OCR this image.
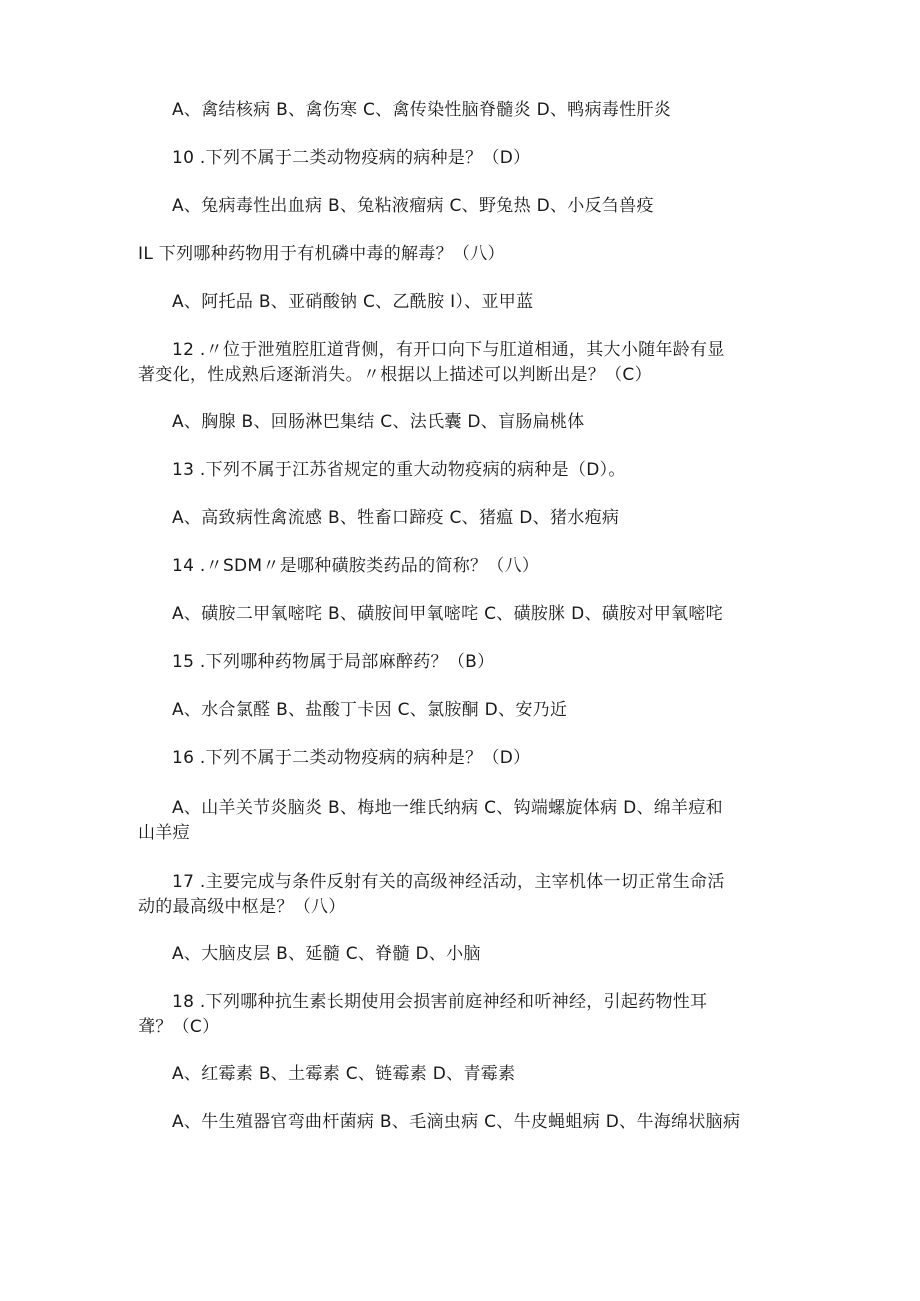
A、禽结核病 B、禽伤寒 C、禽传染性脑脊髓炎 D、鸭病毒性肝炎
10 .下列不属于二类动物疫病的病种是？（D）
A、兔病毒性出血病 B、兔粘液瘤病 C、野兔热 D、小反刍兽疫
IL 下列哪种药物用于有机磷中毒的解毒？（八）
A、阿托品 B、亚硝酸钠 C、乙酰胺 I）、亚甲蓝
12 .〃位于泄殖腔肛道背侧，有开口向下与肛道相通，其大小随年龄有显著变化，性成熟后逐渐消失。〃根据以上描述可以判断出是？（C）
A、胸腺 B、回肠淋巴集结 C、法氏囊 D、盲肠扁桃体
13 .下列不属于江苏省规定的重大动物疫病的病种是（D）。
A、高致病性禽流感 B、牲畜口蹄疫 C、猪瘟 D、猪水疱病
14 .〃SDM〃是哪种磺胺类药品的简称？（八）
A、磺胺二甲氧嘧咤 B、磺胺间甲氧嘧咤 C、磺胺脒 D、磺胺对甲氧嘧咤
15 .下列哪种药物属于局部麻醉药？（B）
A、水合氯醛 B、盐酸丁卡因 C、氯胺酮 D、安乃近
16 .下列不属于二类动物疫病的病种是？（D）
A、山羊关节炎脑炎 B、梅地一维氏纳病 C、钩端螺旋体病 D、绵羊痘和山羊痘
17 .主要完成与条件反射有关的高级神经活动，主宰机体一切正常生命活动的最高级中枢是？（八）
A、大脑皮层 B、延髓 C、脊髓 D、小脑
18 .下列哪种抗生素长期使用会损害前庭神经和听神经，引起药物性耳聋？（C）
A、红霉素 B、土霉素 C、链霉素 D、青霉素
A、牛生殖器官弯曲杆菌病 B、毛滴虫病 C、牛皮蝇蛆病 D、牛海绵状脑病
